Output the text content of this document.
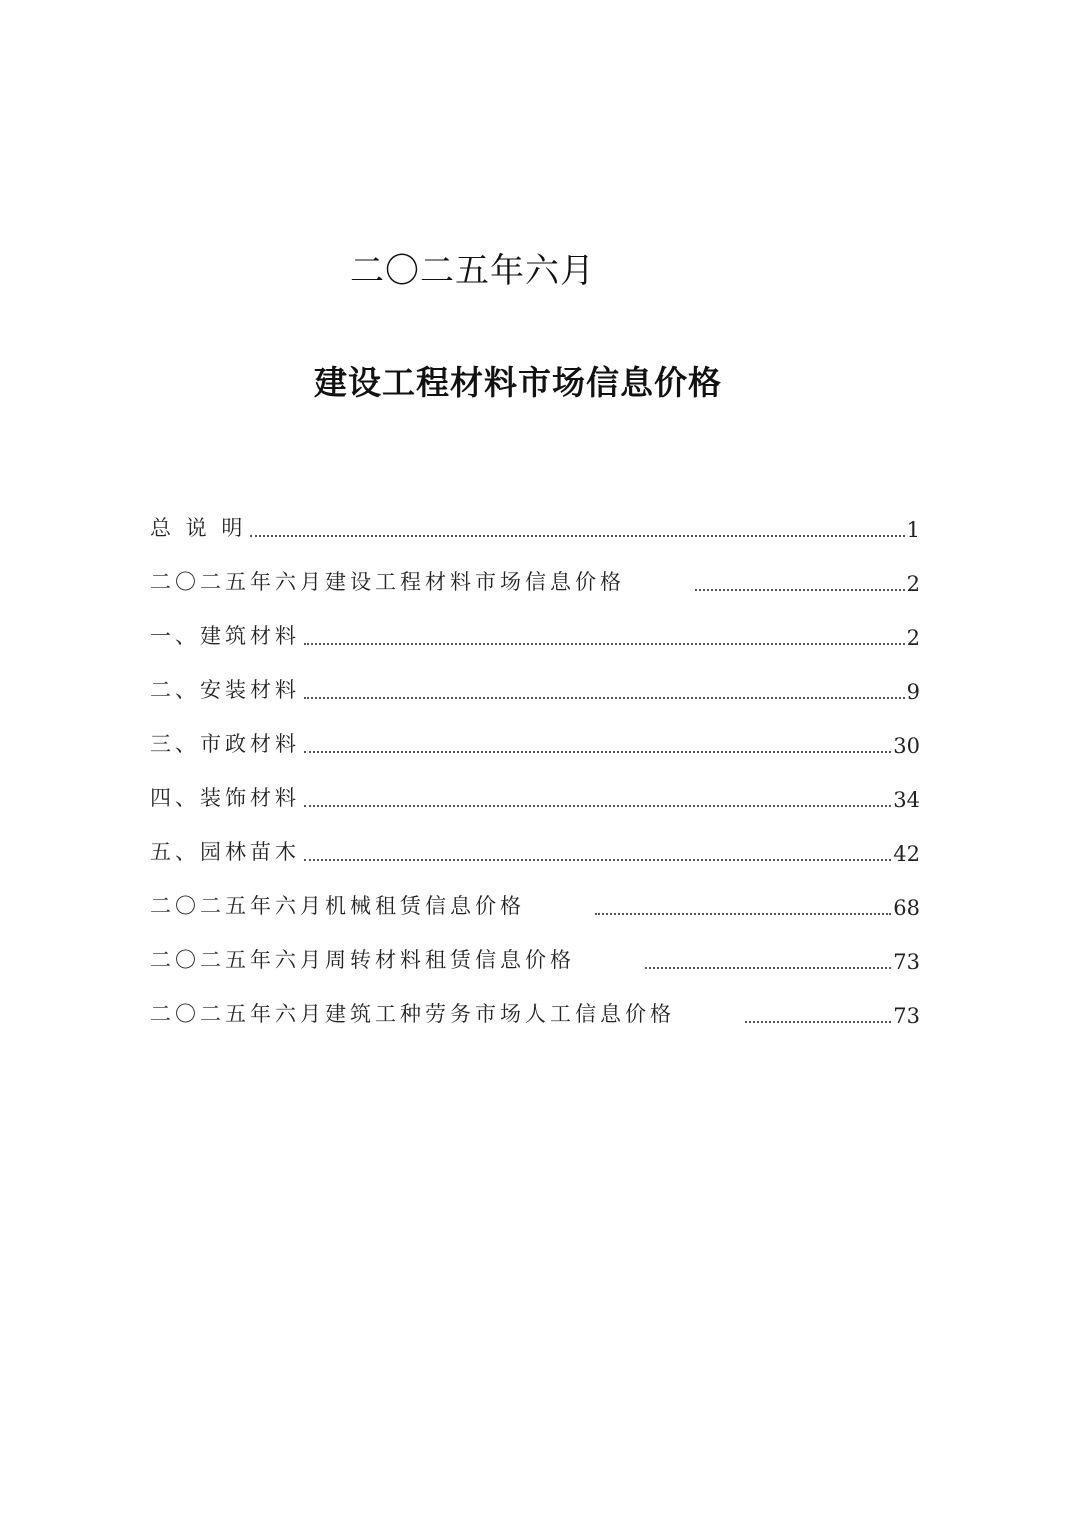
二〇二五年六月
建设工程材料市场信息价格
总 说 明	1
二〇二五年六月建设工程材料市场信息价格	2
一、建筑材料	2
二、安装材料	9
三、市政材料	30
四、装饰材料	34
五、园林苗木	42
二〇二五年六月机械租赁信息价格	68
二〇二五年六月周转材料租赁信息价格	73
二〇二五年六月建筑工种劳务市场人工信息价格	73
